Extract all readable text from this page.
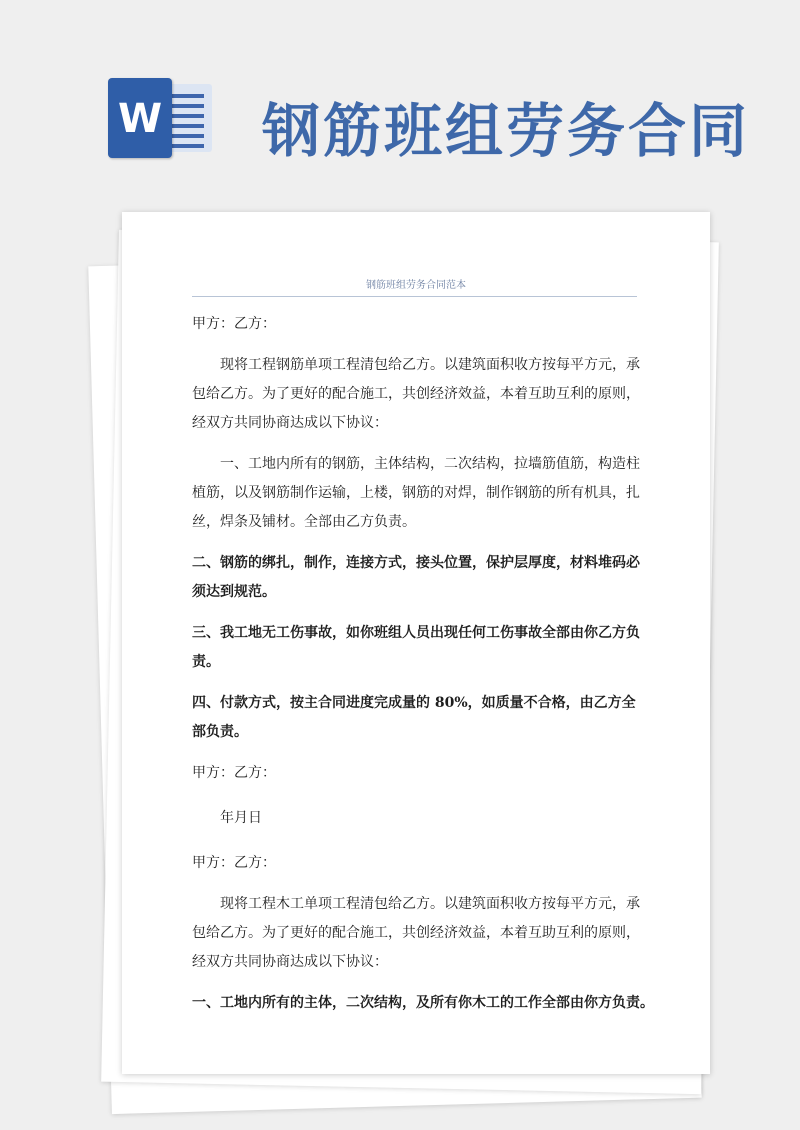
W 钢筋班组劳务合同
钢筋班组劳务合同范本

甲方：乙方：

现将工程钢筋单项工程清包给乙方。以建筑面积收方按每平方元，承包给乙方。为了更好的配合施工，共创经济效益，本着互助互利的原则，经双方共同协商达成以下协议：

一、工地内所有的钢筋，主体结构，二次结构，拉墙筋值筋，构造柱植筋，以及钢筋制作运输，上楼，钢筋的对焊，制作钢筋的所有机具，扎丝，焊条及铺材。全部由乙方负责。

二、钢筋的绑扎，制作，连接方式，接头位置，保护层厚度，材料堆码必须达到规范。

三、我工地无工伤事故，如你班组人员出现任何工伤事故全部由你乙方负责。

四、付款方式，按主合同进度完成量的 80%，如质量不合格，由乙方全部负责。

甲方：乙方：

年月日

甲方：乙方：

现将工程木工单项工程清包给乙方。以建筑面积收方按每平方元，承包给乙方。为了更好的配合施工，共创经济效益，本着互助互利的原则，经双方共同协商达成以下协议：

一、工地内所有的主体，二次结构，及所有你木工的工作全部由你方负责。
